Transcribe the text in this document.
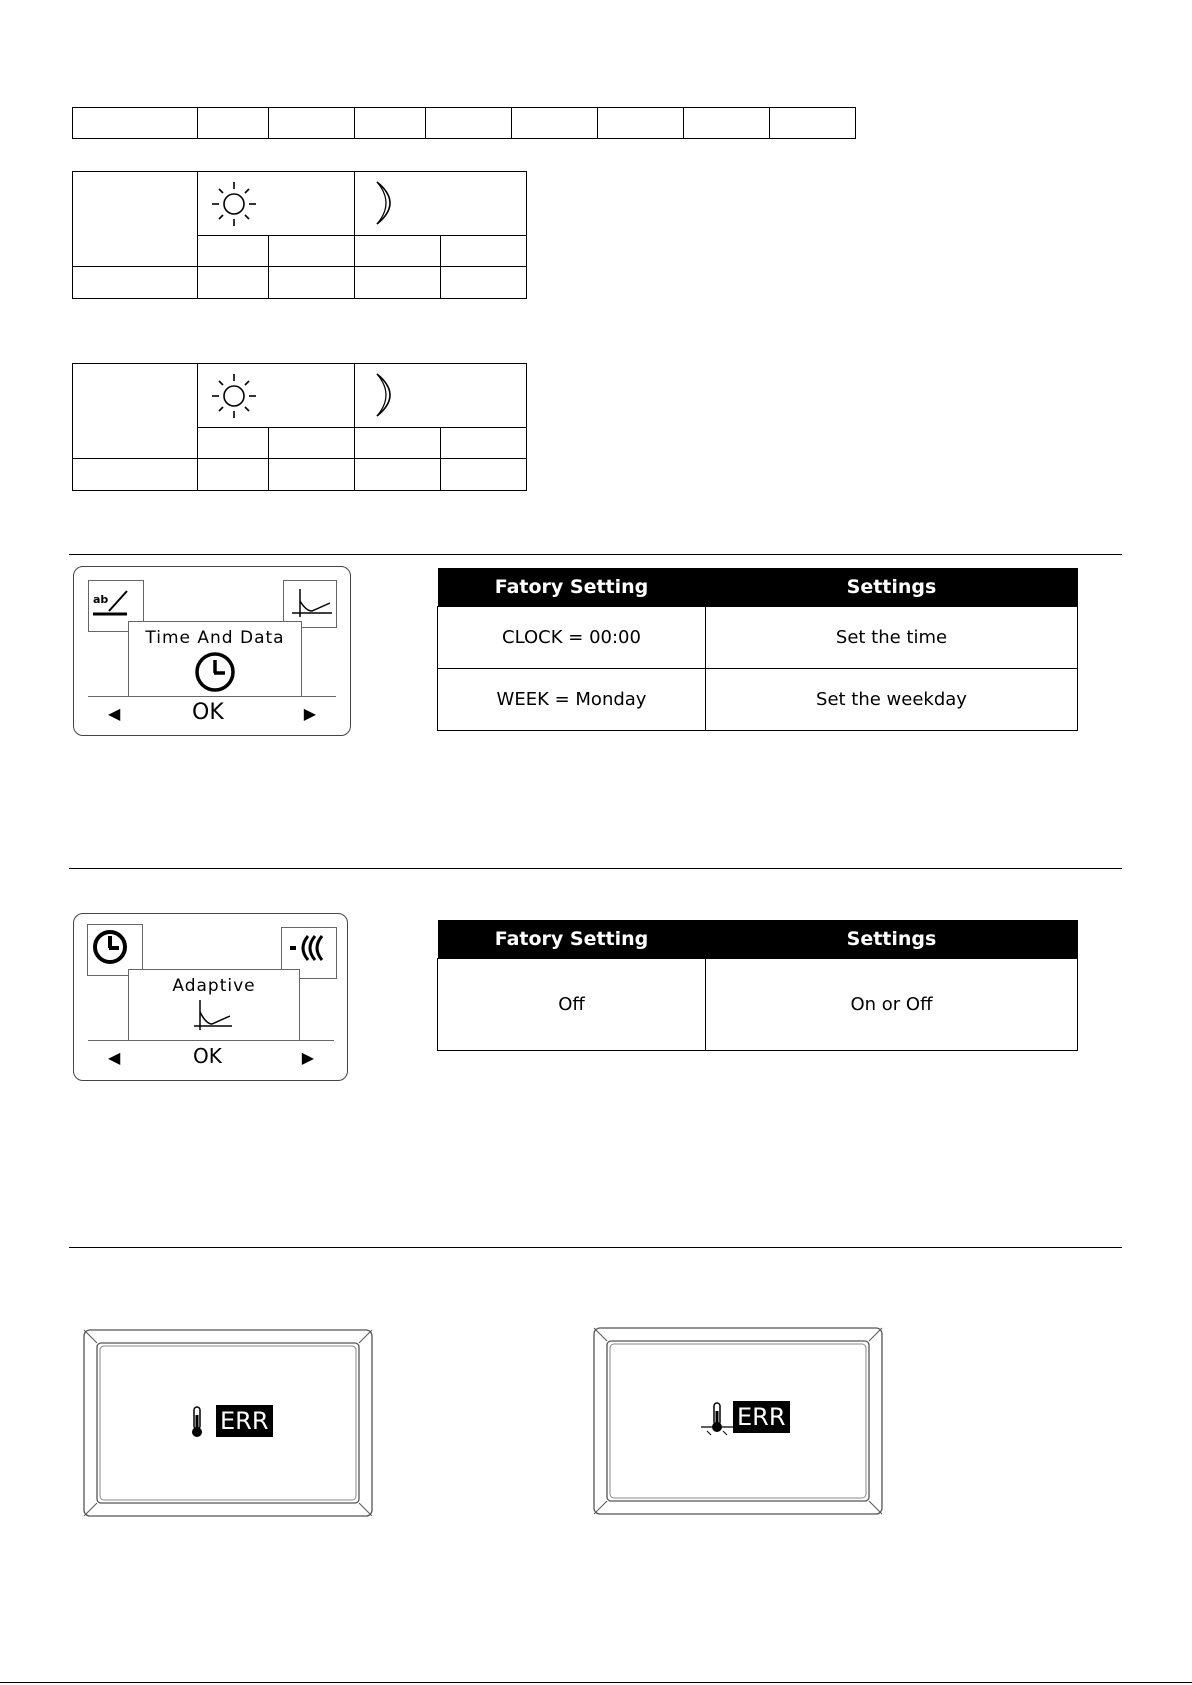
ab
Time And Data
◀	OK	▶
Fatory Setting	Settings
CLOCK = 00:00	Set the time
WEEK = Monday	Set the weekday
Adaptive
◀	OK	▶
Fatory Setting	Settings
Off	On or Off
ERR	ERR
